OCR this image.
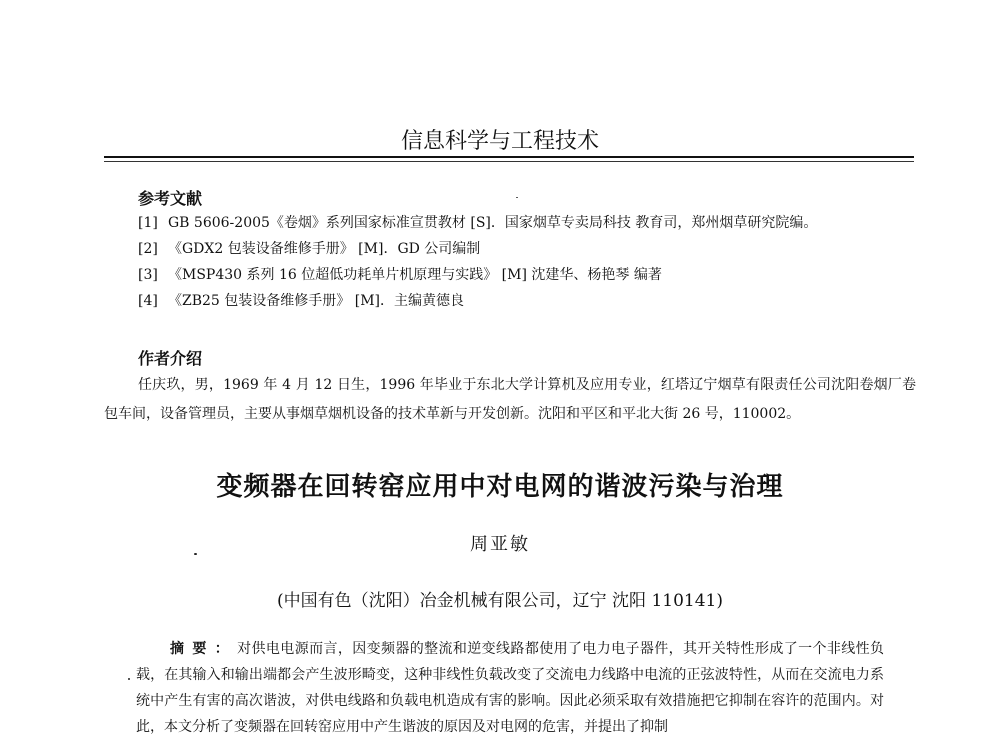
信息科学与工程技术
参考文献
[1] GB 5606-2005《卷烟》系列国家标准宣贯教材 [S]．国家烟草专卖局科技 教育司，郑州烟草研究院编。
[2] 《GDX2 包装设备维修手册》 [M]．GD 公司编制
[3] 《MSP430 系列 16 位超低功耗单片机原理与实践》 [M] 沈建华、杨艳琴 编著
[4] 《ZB25 包装设备维修手册》 [M]．主编黄德良
作者介绍

任庆玖，男，1969 年 4 月 12 日生，1996 年毕业于东北大学计算机及应用专业，红塔辽宁烟草有限责任公司沈阳卷烟厂卷包车间，设备管理员，主要从事烟草烟机设备的技术革新与开发创新。沈阳和平区和平北大街 26 号，110002。

变频器在回转窑应用中对电网的谐波污染与治理
周亚敏
(中国有色（沈阳）冶金机械有限公司，辽宁 沈阳 110141)

摘要：对供电电源而言，因变频器的整流和逆变线路都使用了电力电子器件，其开关特性形成了一个非线性负载，在其输入和输出端都会产生波形畸变，这种非线性负载改变了交流电力线路中电流的正弦波特性，从而在交流电力系统中产生有害的高次谐波，对供电线路和负载电机造成有害的影响。因此必须采取有效措施把它抑制在容许的范围内。对此，本文分析了变频器在回转窑应用中产生谐波的原因及对电网的危害，并提出了抑制
